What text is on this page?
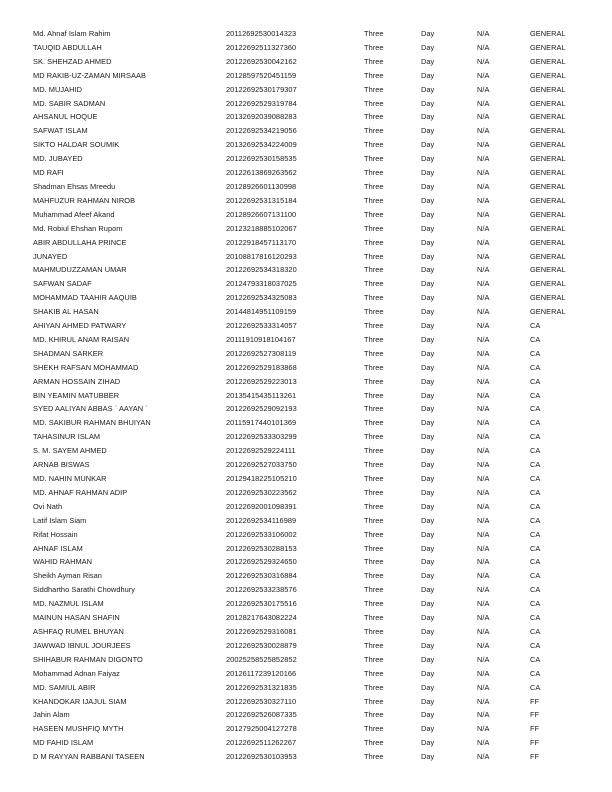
	Md. Ahnaf Islam Rahim	20112692530014323	Three	Day	N/A	GENERAL
	TAUQID ABDULLAH	20122692511327360	Three	Day	N/A	GENERAL
	SK. SHEHZAD AHMED	20122692530042162	Three	Day	N/A	GENERAL
	MD RAKIB-UZ-ZAMAN MIRSAAB	20128597520451159	Three	Day	N/A	GENERAL
	MD. MUJAHID	20122692530179307	Three	Day	N/A	GENERAL
	MD. SABIR SADMAN	20122692529319784	Three	Day	N/A	GENERAL
	AHSANUL HOQUE	20132692039088283	Three	Day	N/A	GENERAL
	SAFWAT ISLAM	20122692534219056	Three	Day	N/A	GENERAL
	SIKTO HALDAR SOUMIK	20132692534224009	Three	Day	N/A	GENERAL
	MD. JUBAYED	20122692530158535	Three	Day	N/A	GENERAL
	MD RAFI	20122613869263562	Three	Day	N/A	GENERAL
	Shadman Ehsas Mreedu	20128926601130998	Three	Day	N/A	GENERAL
	MAHFUZUR RAHMAN NIROB	20122692531315184	Three	Day	N/A	GENERAL
	Muhammad Afeef Akand	20128926607131100	Three	Day	N/A	GENERAL
	Md. Robiul Ehshan Rupom	20123218885102067	Three	Day	N/A	GENERAL
	ABIR ABDULLAHA PRINCE	20122918457113170	Three	Day	N/A	GENERAL
	JUNAYED	20108817816120293	Three	Day	N/A	GENERAL
	MAHMUDUZZAMAN UMAR	20122692534318320	Three	Day	N/A	GENERAL
	SAFWAN SADAF	20124793318037025	Three	Day	N/A	GENERAL
	MOHAMMAD TAAHIR AAQUIB	20122692534325083	Three	Day	N/A	GENERAL
	SHAKIB AL HASAN	20144814951109159	Three	Day	N/A	GENERAL
	AHIYAN AHMED PATWARY	20122692533314057	Three	Day	N/A	CA
	MD. KHIRUL ANAM RAISAN	20111910918104167	Three	Day	N/A	CA
	SHADMAN SARKER	20122692527308119	Three	Day	N/A	CA
	SHEKH RAFSAN MOHAMMAD	20122692529183868	Three	Day	N/A	CA
	ARMAN HOSSAIN ZIHAD	20122692529223013	Three	Day	N/A	CA
	BIN YEAMIN MATUBBER	20135415435113261	Three	Day	N/A	CA
	SYED AALIYAN ABBAS ` AAYAN `	20122692529092193	Three	Day	N/A	CA
	MD. SAKIBUR RAHMAN BHUIYAN	20115917440101369	Three	Day	N/A	CA
	TAHASINUR ISLAM	20122692533303299	Three	Day	N/A	CA
	S. M. SAYEM AHMED	20122692529224111	Three	Day	N/A	CA
	ARNAB BISWAS	20122692527033750	Three	Day	N/A	CA
	MD. NAHIN MUNKAR	20129418225105210	Three	Day	N/A	CA
	MD. AHNAF RAHMAN ADIP	20122692530223562	Three	Day	N/A	CA
	Ovi Nath	20122692001098391	Three	Day	N/A	CA
	Latif Islam Siam	20122692534116989	Three	Day	N/A	CA
	Rifat Hossain	20122692533106002	Three	Day	N/A	CA
	AHNAF ISLAM	20122692530288153	Three	Day	N/A	CA
	WAHID RAHMAN	20122692529324650	Three	Day	N/A	CA
	Sheikh Ayman Risan	20122692530316884	Three	Day	N/A	CA
	Siddhartho Sarathi Chowdhury	20122692533238576	Three	Day	N/A	CA
	MD. NAZMUL ISLAM	20122692530175516	Three	Day	N/A	CA
	MAINUN HASAN SHAFIN	20128217643082224	Three	Day	N/A	CA
	ASHFAQ RUMEL BHUYAN	20122692529316081	Three	Day	N/A	CA
	JAWWAD IBNUL JOURJEES	20122692530028879	Three	Day	N/A	CA
	SHIHABUR RAHMAN DIGONTO	20025258525852852	Three	Day	N/A	CA
	Mohammad Adnan Faiyaz	20126117239120166	Three	Day	N/A	CA
	MD. SAMIUL ABIR	20122692531321835	Three	Day	N/A	CA
	KHANDOKAR IJAJUL SIAM	20122692530327110	Three	Day	N/A	FF
	Jahin Alam	20122692526087335	Three	Day	N/A	FF
	HASEEN MUSHFIQ MYTH	20127925004127278	Three	Day	N/A	FF
	MD FAHID ISLAM	20122692511262267	Three	Day	N/A	FF
	D M RAYYAN RABBANI TASEEN	20122692530103953	Three	Day	N/A	FF
